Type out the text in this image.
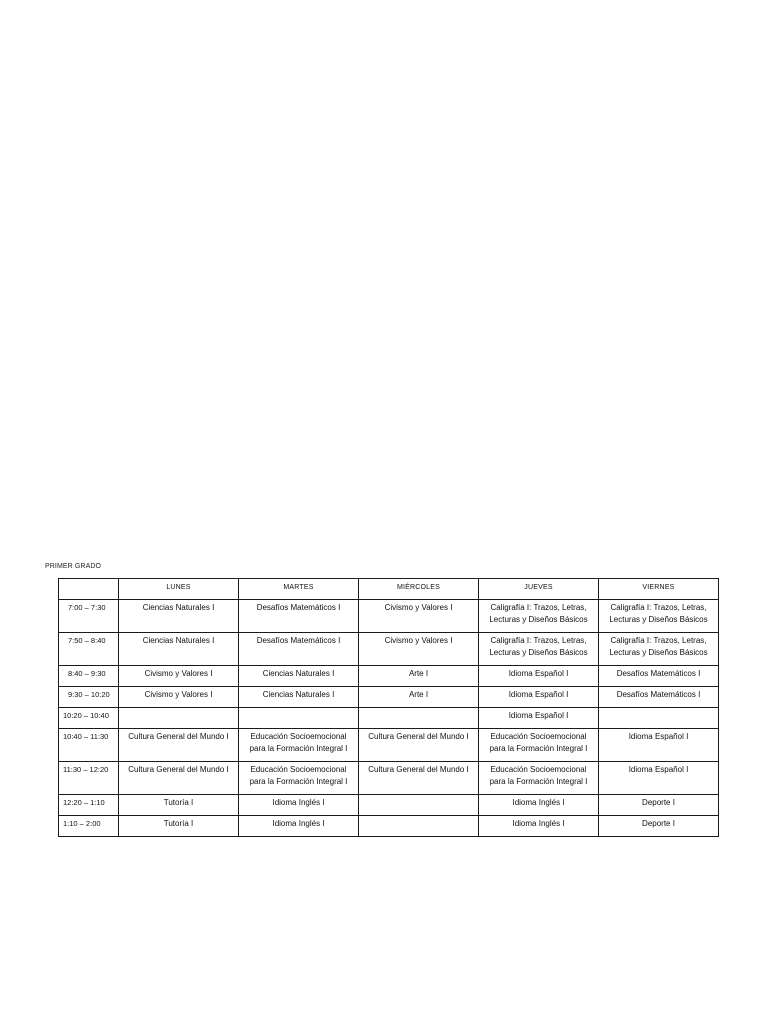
PRIMER GRADO
	LUNES	MARTES	MIÉRCOLES	JUEVES	VIERNES
7:00 – 7:30	Ciencias Naturales I	Desafíos Matemáticos I	Civismo y Valores I	Caligrafía I: Trazos, Letras, Lecturas y Diseños Básicos	Caligrafía I: Trazos, Letras, Lecturas y Diseños Básicos
7:50 – 8:40	Ciencias Naturales I	Desafíos Matemáticos I	Civismo y Valores I	Caligrafía I: Trazos, Letras, Lecturas y Diseños Básicos	Caligrafía I: Trazos, Letras, Lecturas y Diseños Básicos
8:40 – 9:30	Civismo y Valores I	Ciencias Naturales I	Arte I	Idioma Español I	Desafíos Matemáticos I
9:30 – 10:20	Civismo y Valores I	Ciencias Naturales I	Arte I	Idioma Español I	Desafíos Matemáticos I
10:20 – 10:40				Idioma Español I	
10:40 – 11:30	Cultura General del Mundo I	Educación Socioemocional para la Formación Integral I	Cultura General del Mundo I	Educación Socioemocional para la Formación Integral I	Idioma Español I
11:30 – 12:20	Cultura General del Mundo I	Educación Socioemocional para la Formación Integral I	Cultura General del Mundo I	Educación Socioemocional para la Formación Integral I	Idioma Español I
12:20 – 1:10	Tutoría I	Idioma Inglés I		Idioma Inglés I	Deporte I
1:10 – 2:00	Tutoría I	Idioma Inglés I		Idioma Inglés I	Deporte I
